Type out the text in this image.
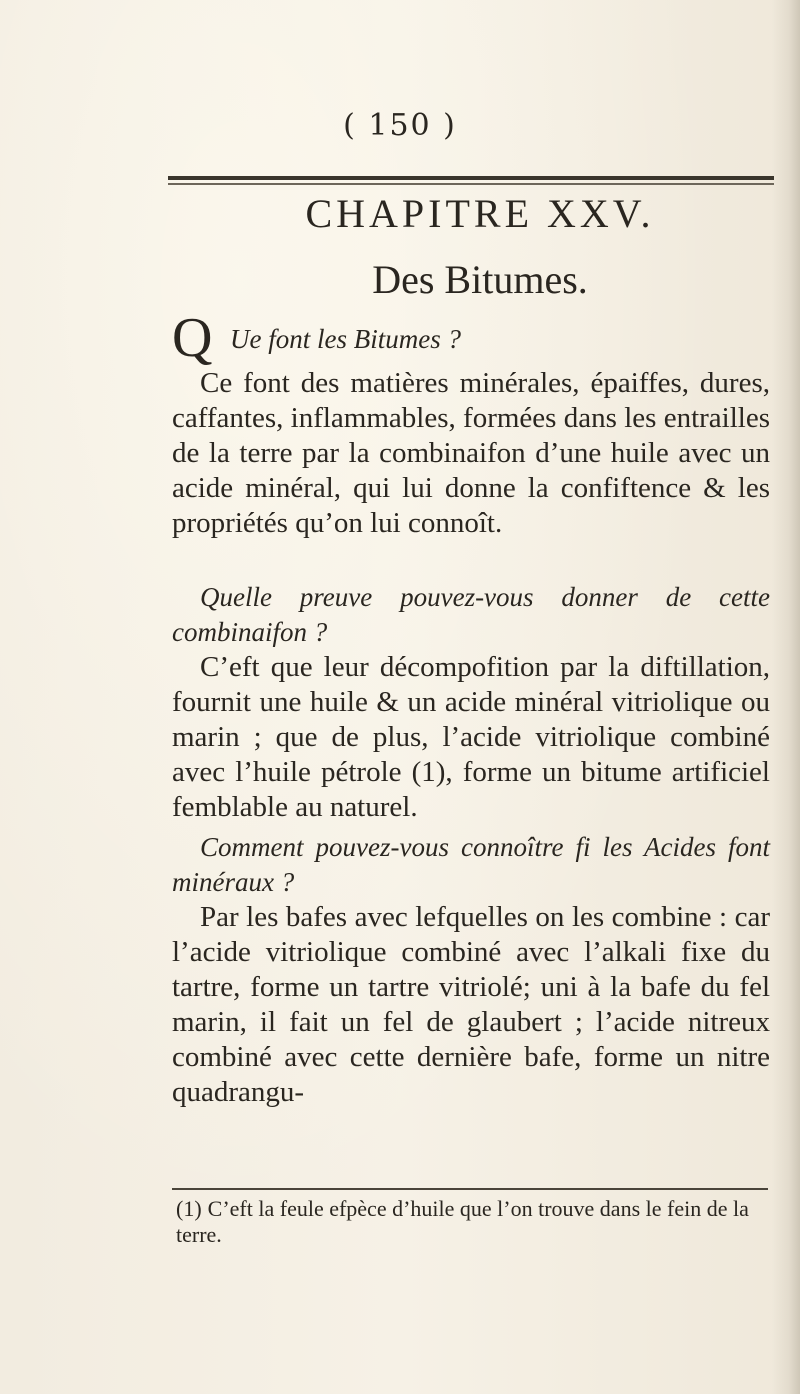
( 150 )
CHAPITRE XXV.
Des Bitumes.
Q Ue font les Bitumes ?
Ce font des matières minérales, épaiffes, dures, caffantes, inflammables, formées dans les entrailles de la terre par la combinaifon d’une huile avec un acide minéral, qui lui donne la confiftence & les propriétés qu’on lui connoît.
Quelle preuve pouvez-vous donner de cette combinaifon ?
C’eft que leur décompofition par la diftillation, fournit une huile & un acide minéral vitriolique ou marin ; que de plus, l’acide vitriolique combiné avec l’huile pétrole (1), forme un bitume artificiel femblable au naturel.
Comment pouvez-vous connoître fi les Acides font minéraux ?
Par les bafes avec lefquelles on les combine : car l’acide vitriolique combiné avec l’alkali fixe du tartre, forme un tartre vitriolé; uni à la bafe du fel marin, il fait un fel de glaubert ; l’acide nitreux combiné avec cette dernière bafe, forme un nitre quadrangu-
(1) C’eft la feule efpèce d’huile que l’on trouve dans le fein de la terre.
